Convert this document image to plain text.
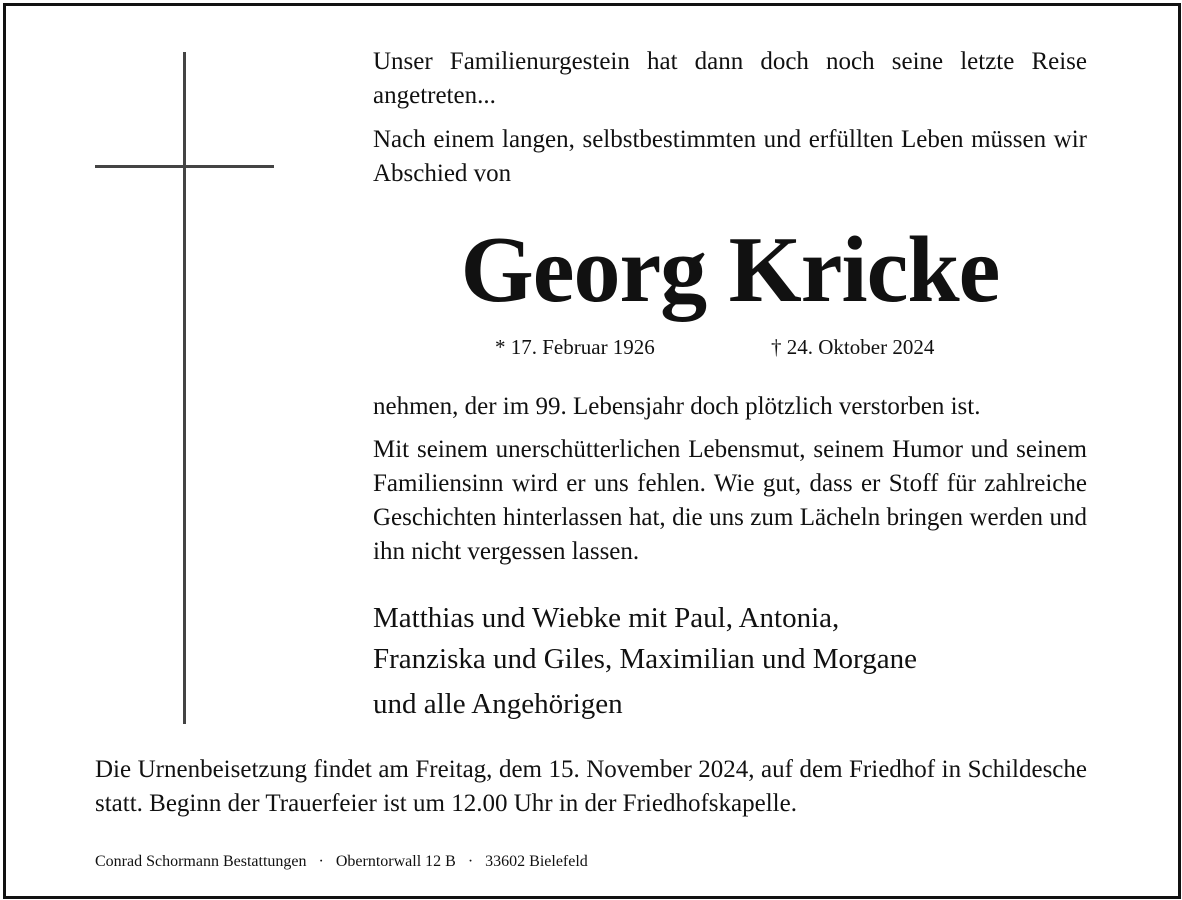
Unser Familienurgestein hat dann doch noch seine letzte Reise angetreten...

Nach einem langen, selbstbestimmten und erfüllten Leben müssen wir Abschied von

Georg Kricke
* 17. Februar 1926	† 24. Oktober 2024

nehmen, der im 99. Lebensjahr doch plötzlich verstorben ist.

Mit seinem unerschütterlichen Lebensmut, seinem Humor und seinem Familiensinn wird er uns fehlen. Wie gut, dass er Stoff für zahlreiche Geschichten hinterlassen hat, die uns zum Lächeln bringen werden und ihn nicht vergessen lassen.

Matthias und Wiebke mit Paul, Antonia,
Franziska und Giles, Maximilian und Morgane
und alle Angehörigen

Die Urnenbeisetzung findet am Freitag, dem 15. November 2024, auf dem Friedhof in Schildesche statt. Beginn der Trauerfeier ist um 12.00 Uhr in der Friedhofskapelle.

Conrad Schormann Bestattungen · Oberntorwall 12 B · 33602 Bielefeld
